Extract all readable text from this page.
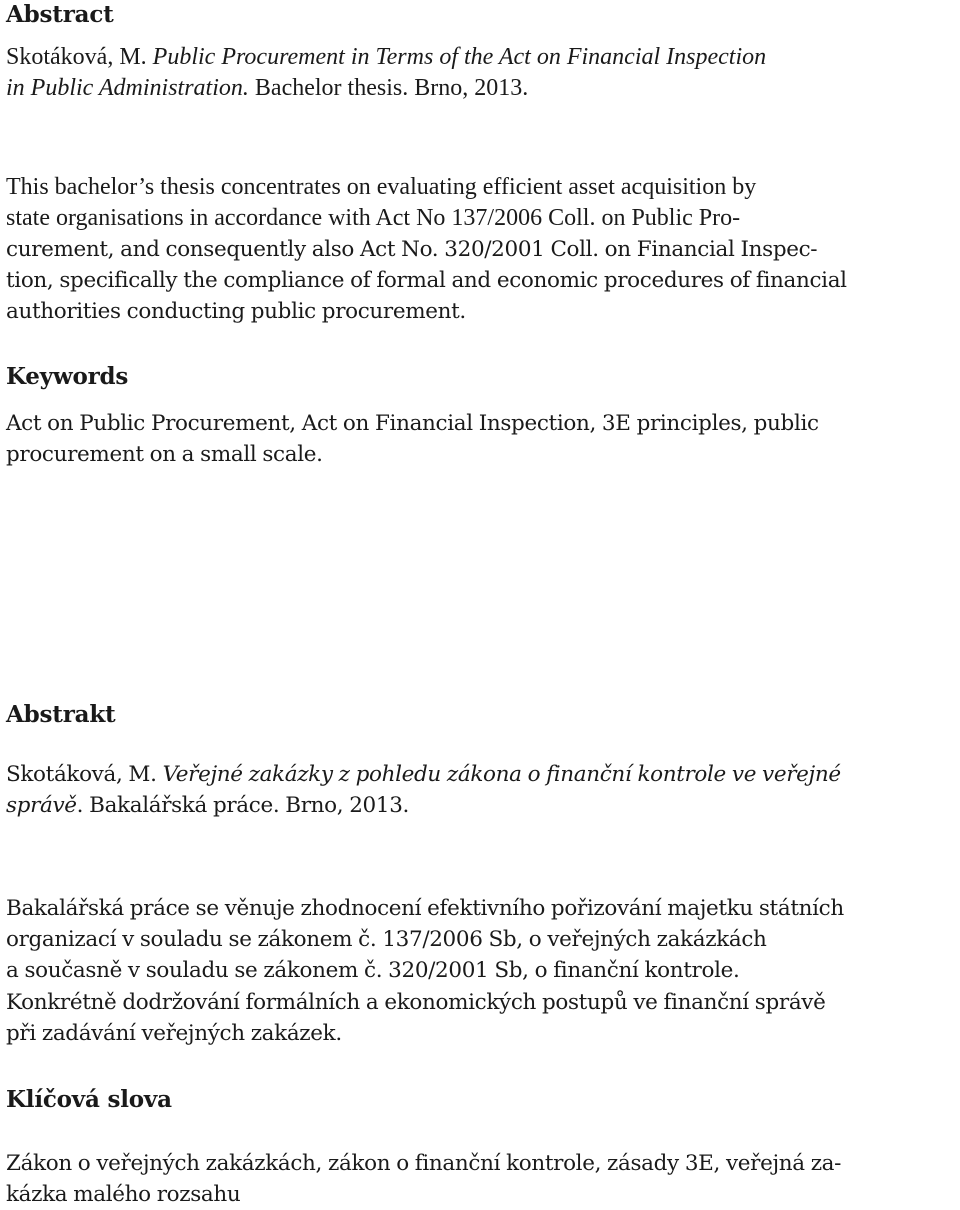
Abstract

Skotáková, M. Public Procurement in Terms of the Act on Financial Inspection
in Public Administration. Bachelor thesis. Brno, 2013.

This bachelor’s thesis concentrates on evaluating efficient asset acquisition by
state organisations in accordance with Act No 137/2006 Coll. on Public Pro-

curement, and consequently also Act No. 320/2001 Coll. on Financial Inspec-
tion, specifically the compliance of formal and economic procedures of financial
authorities conducting public procurement.

Keywords

Act on Public Procurement, Act on Financial Inspection, 3E principles, public
procurement on a small scale.

Abstrakt

Skotáková, M. Veřejné zakázky z pohledu zákona o finanční kontrole ve veřejné
správě. Bakalářská práce. Brno, 2013.

Bakalářská práce se věnuje zhodnocení efektivního pořizování majetku státních
organizací v souladu se zákonem č. 137/2006 Sb, o veřejných zakázkách
a současně v souladu se zákonem č. 320/2001 Sb, o finanční kontrole.
Konkrétně dodržování formálních a ekonomických postupů ve finanční správě
při zadávání veřejných zakázek.

Klíčová slova

Zákon o veřejných zakázkách, zákon o finanční kontrole, zásady 3E, veřejná za-
kázka malého rozsahu
